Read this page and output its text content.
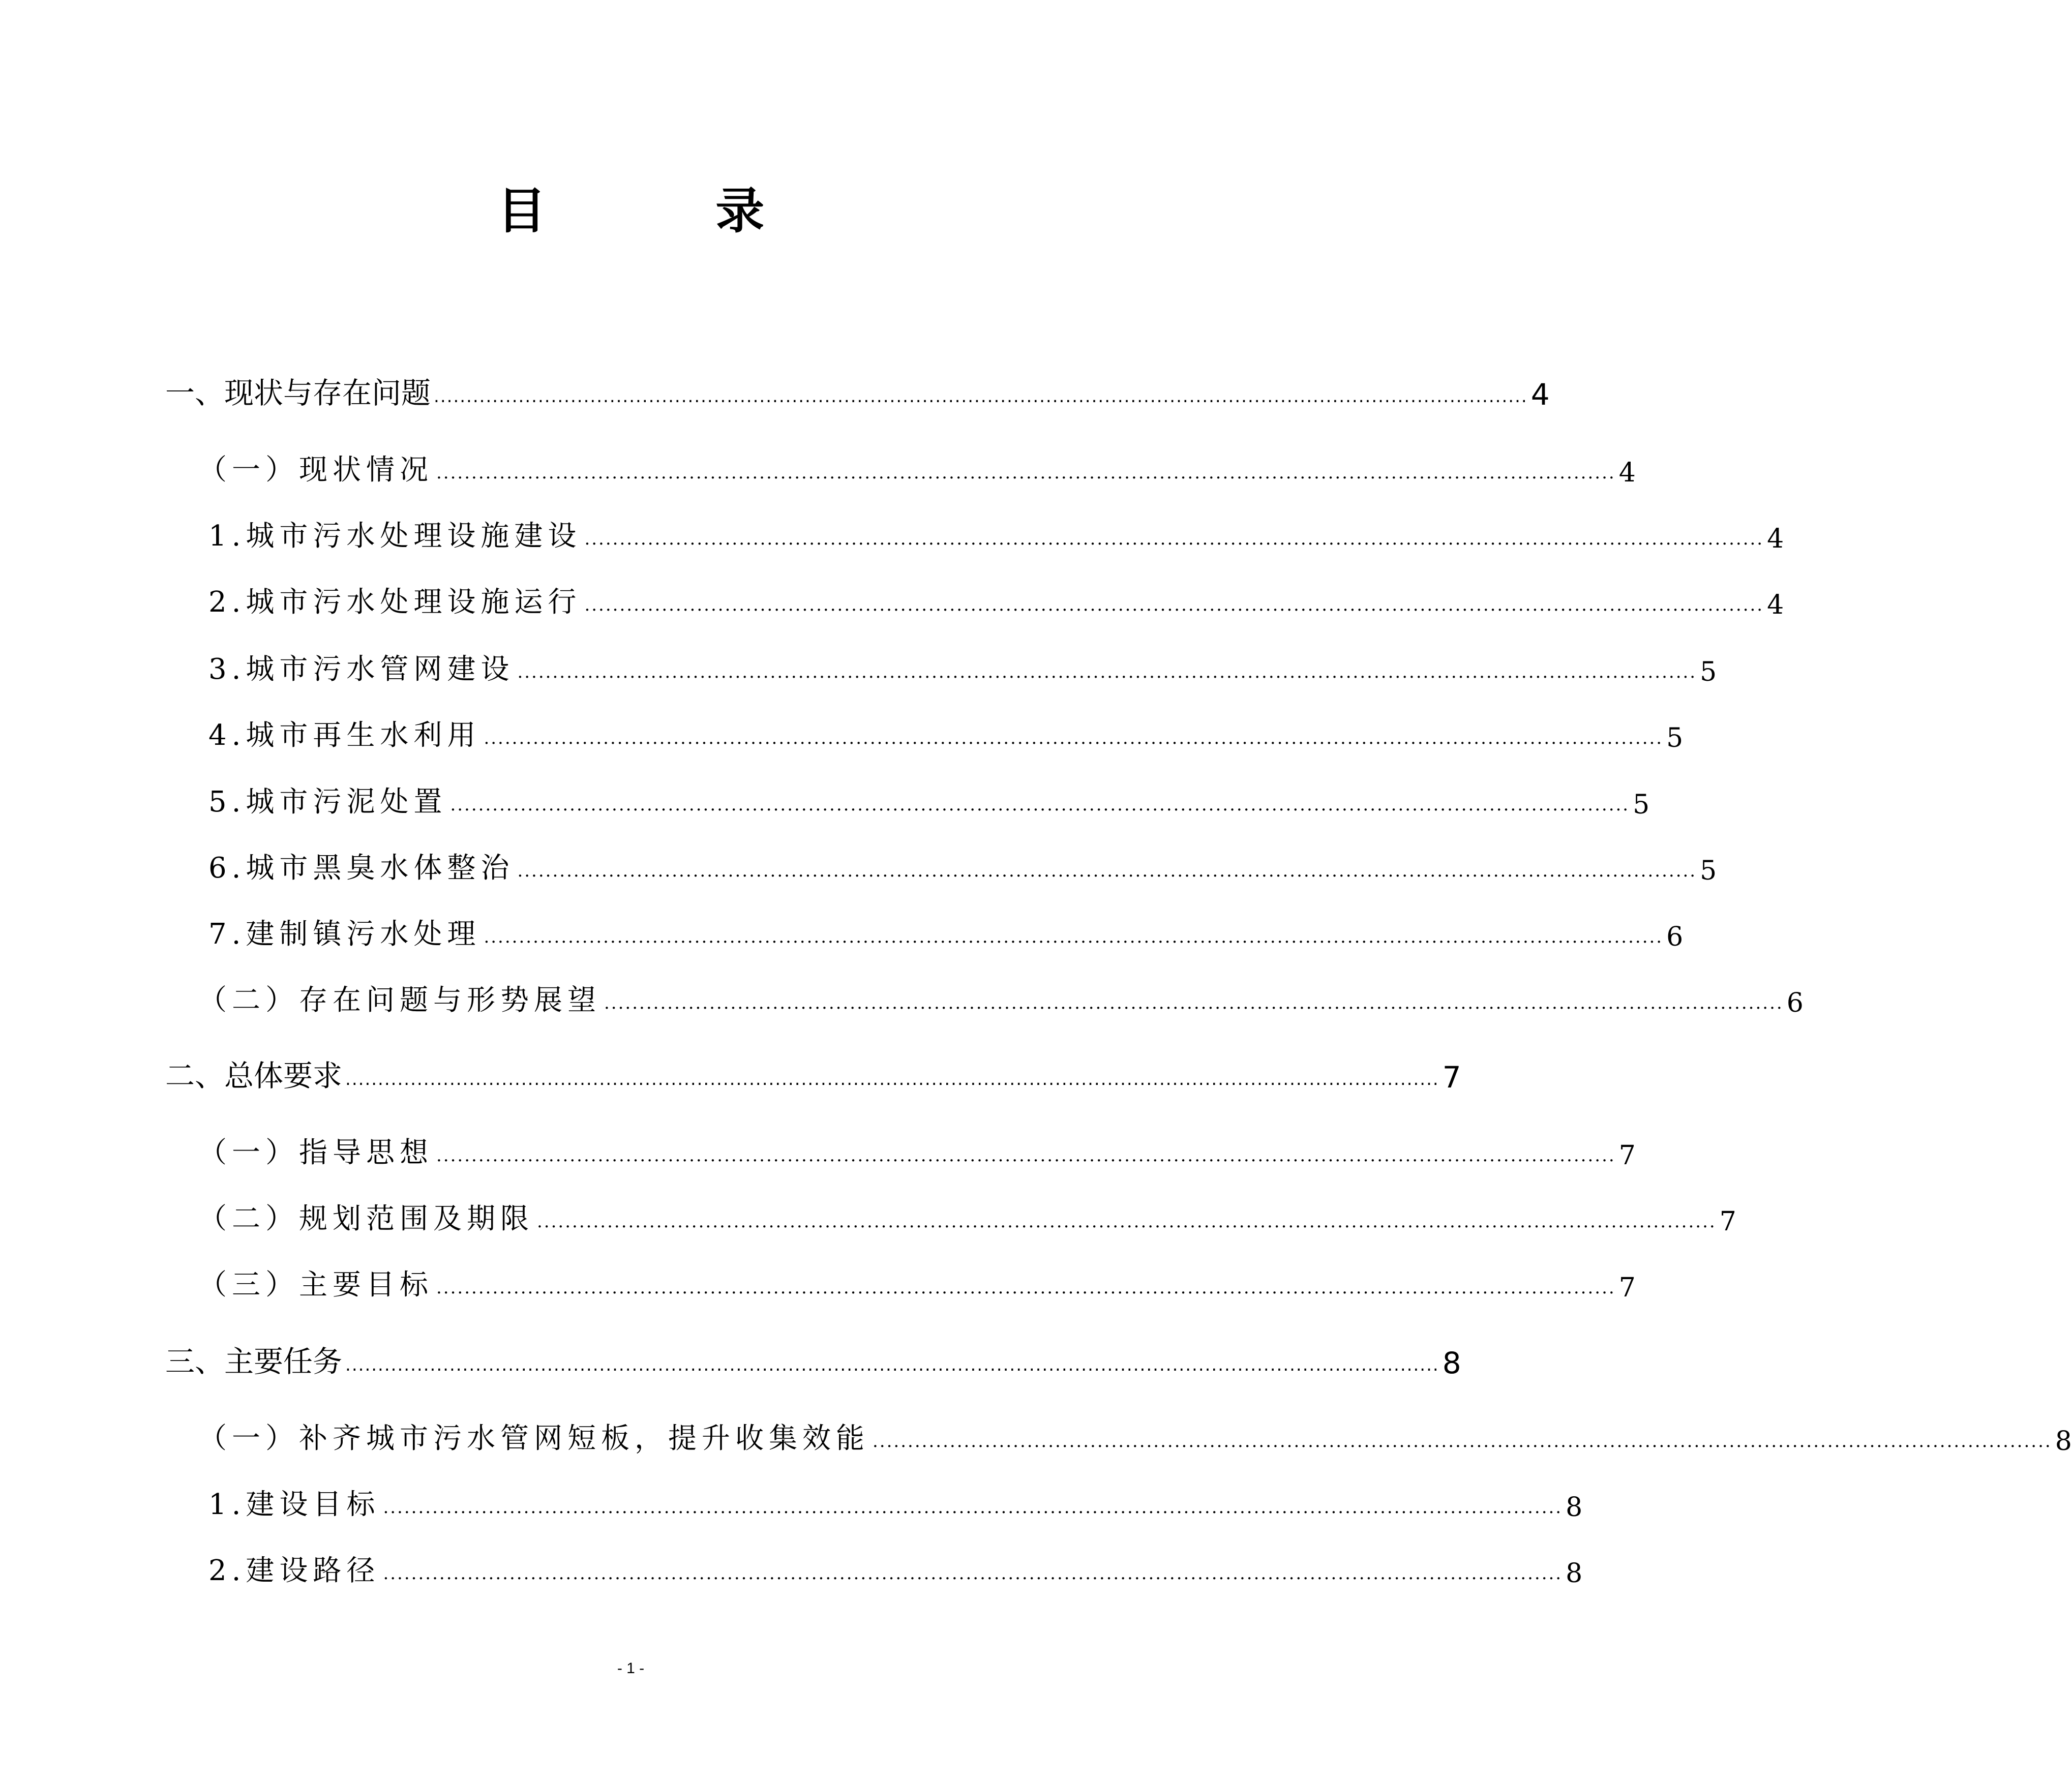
目 录
一、现状与存在问题 ........................................................................................................................................................................ 4
（一）现状情况 ........................................................................................................................................................................ 4
1.城市污水处理设施建设 ........................................................................................................................................................................ 4
2.城市污水处理设施运行 ........................................................................................................................................................................ 4
3.城市污水管网建设 ........................................................................................................................................................................ 5
4.城市再生水利用 ........................................................................................................................................................................ 5
5.城市污泥处置 ........................................................................................................................................................................ 5
6.城市黑臭水体整治 ........................................................................................................................................................................ 5
7.建制镇污水处理 ........................................................................................................................................................................ 6
（二）存在问题与形势展望 ........................................................................................................................................................................ 6
二、总体要求 ........................................................................................................................................................................ 7
（一）指导思想 ........................................................................................................................................................................ 7
（二）规划范围及期限 ........................................................................................................................................................................ 7
（三）主要目标 ........................................................................................................................................................................ 7
三、主要任务 ........................................................................................................................................................................ 8
（一）补齐城市污水管网短板，提升收集效能 ........................................................................................................................................................................ 8
1.建设目标 ........................................................................................................................................................................ 8
2.建设路径 ........................................................................................................................................................................ 8
- 1 -
